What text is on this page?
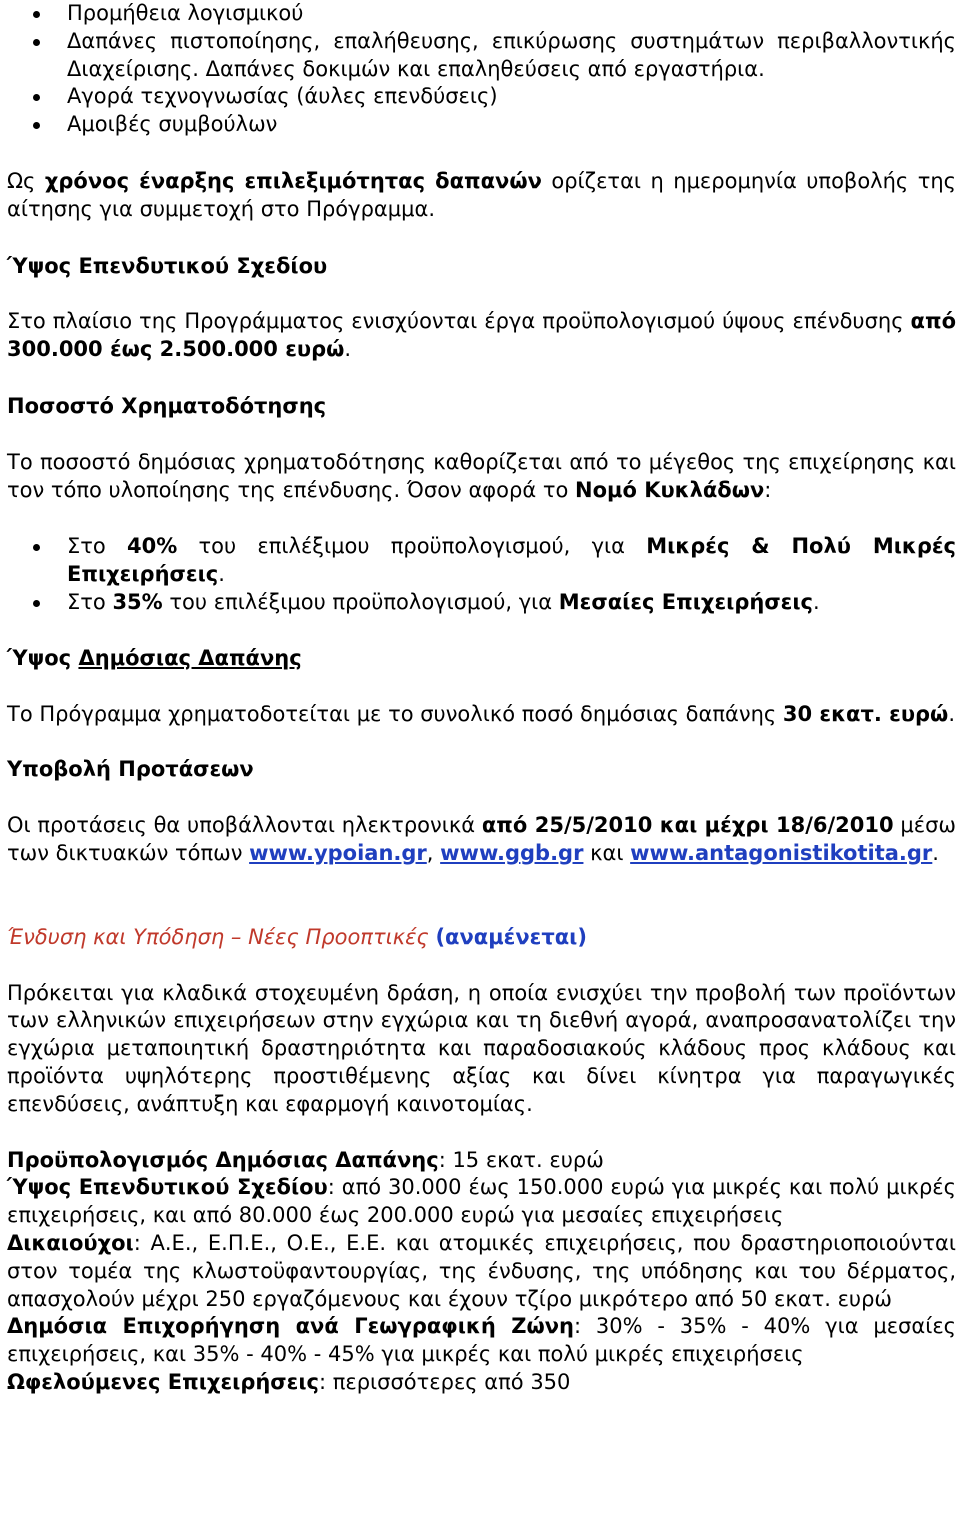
Προμήθεια λογισμικού
Δαπάνες πιστοποίησης, επαλήθευσης, επικύρωσης συστημάτων περιβαλλοντικής Διαχείρισης. Δαπάνες δοκιμών και επαληθεύσεις από εργαστήρια.
Αγορά τεχνογνωσίας (άυλες επενδύσεις)
Αμοιβές συμβούλων

Ως χρόνος έναρξης επιλεξιμότητας δαπανών ορίζεται η ημερομηνία υποβολής της αίτησης για συμμετοχή στο Πρόγραμμα.

Ύψος Επενδυτικού Σχεδίου

Στο πλαίσιο της Προγράμματος ενισχύονται έργα προϋπολογισμού ύψους επένδυσης από 300.000 έως 2.500.000 ευρώ.

Ποσοστό Χρηματοδότησης

Το ποσοστό δημόσιας χρηματοδότησης καθορίζεται από το μέγεθος της επιχείρησης και τον τόπο υλοποίησης της επένδυσης. Όσον αφορά το Νομό Κυκλάδων:

Στο 40% του επιλέξιμου προϋπολογισμού, για Μικρές & Πολύ Μικρές Επιχειρήσεις.
Στο 35% του επιλέξιμου προϋπολογισμού, για Μεσαίες Επιχειρήσεις.

Ύψος Δημόσιας Δαπάνης

Το Πρόγραμμα χρηματοδοτείται με το συνολικό ποσό δημόσιας δαπάνης 30 εκατ. ευρώ.

Υποβολή Προτάσεων

Οι προτάσεις θα υποβάλλονται ηλεκτρονικά από 25/5/2010 και μέχρι 18/6/2010 μέσω των δικτυακών τόπων www.ypoian.gr, www.ggb.gr και www.antagonistikotita.gr.

Ένδυση και Υπόδηση – Νέες Προοπτικές (αναμένεται)

Πρόκειται για κλαδικά στοχευμένη δράση, η οποία ενισχύει την προβολή των προϊόντων των ελληνικών επιχειρήσεων στην εγχώρια και τη διεθνή αγορά, αναπροσανατολίζει την εγχώρια μεταποιητική δραστηριότητα και παραδοσιακούς κλάδους προς κλάδους και προϊόντα υψηλότερης προστιθέμενης αξίας και δίνει κίνητρα για παραγωγικές επενδύσεις, ανάπτυξη και εφαρμογή καινοτομίας.

Προϋπολογισμός Δημόσιας Δαπάνης: 15 εκατ. ευρώ

Ύψος Επενδυτικού Σχεδίου: από 30.000 έως 150.000 ευρώ για μικρές και πολύ μικρές επιχειρήσεις, και από 80.000 έως 200.000 ευρώ για μεσαίες επιχειρήσεις

Δικαιούχοι: Α.Ε., Ε.Π.Ε., Ο.Ε., Ε.Ε. και ατομικές επιχειρήσεις, που δραστηριοποιούνται στον τομέα της κλωστοϋφαντουργίας, της ένδυσης, της υπόδησης και του δέρματος, απασχολούν μέχρι 250 εργαζόμενους και έχουν τζίρο μικρότερο από 50 εκατ. ευρώ

Δημόσια Επιχορήγηση ανά Γεωγραφική Ζώνη: 30% - 35% - 40% για μεσαίες επιχειρήσεις, και 35% - 40% - 45% για μικρές και πολύ μικρές επιχειρήσεις

Ωφελούμενες Επιχειρήσεις: περισσότερες από 350
